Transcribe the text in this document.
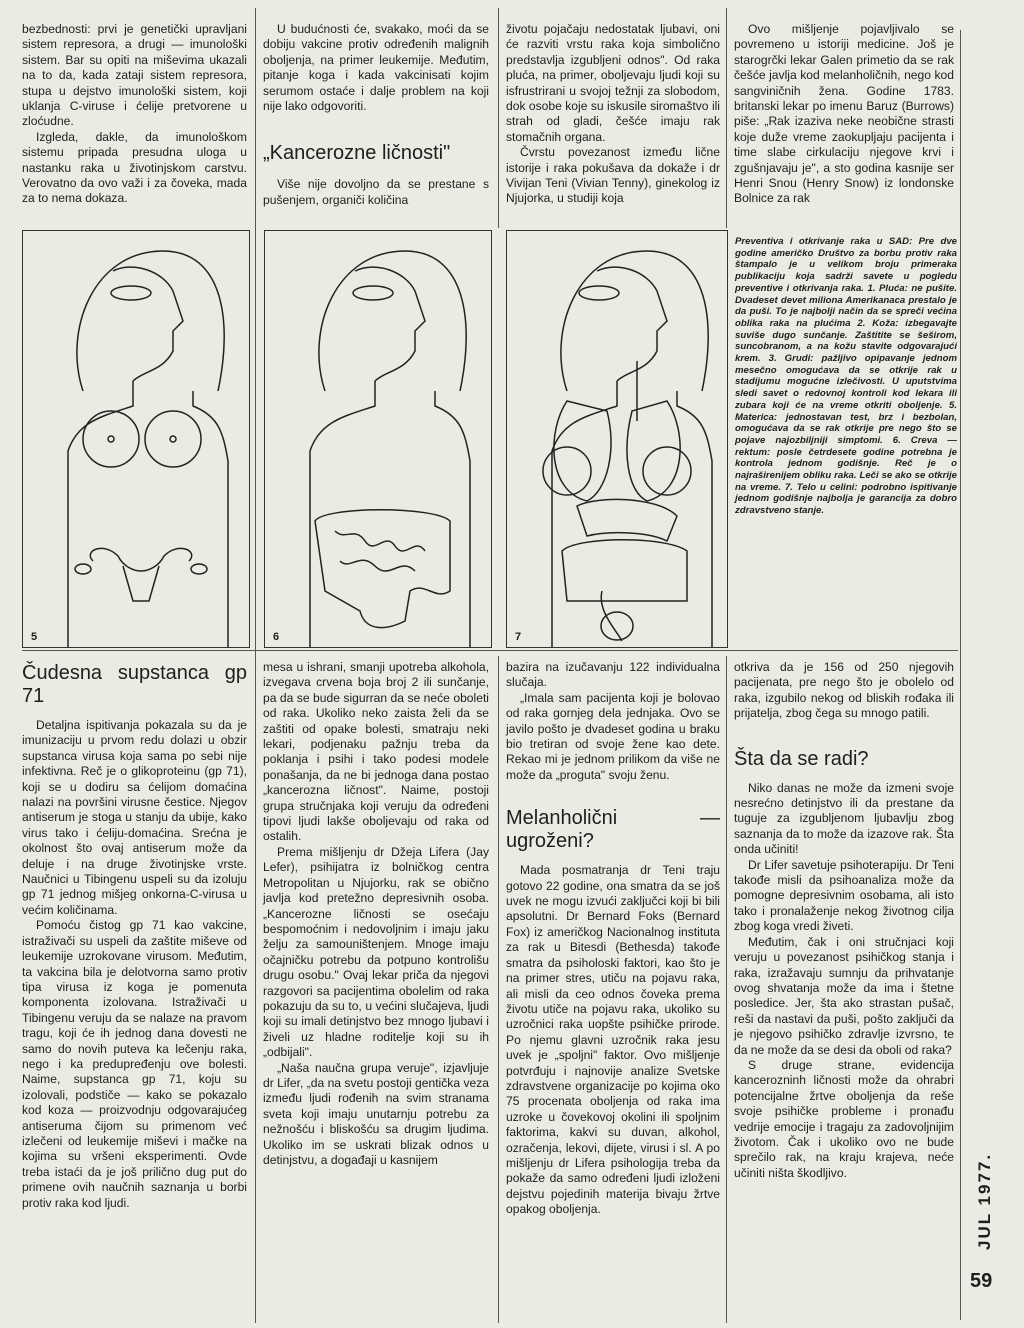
bezbednosti: prvi je genetički upravljani sistem represora, a drugi — imunološki sistem. Bar su opiti na miševima ukazali na to da, kada zataji sistem represora, stupa u dejstvo imunološki sistem, koji uklanja C-viruse i ćelije pretvorene u zloćudne.

Izgleda, dakle, da imunološkom sistemu pripada presudna uloga u nastanku raka u životinjskom carstvu. Verovatno da ovo važi i za čoveka, mada za to nema dokaza.

U budućnosti će, svakako, moći da se dobiju vakcine protiv određenih malignih oboljenja, na primer leukemije. Međutim, pitanje koga i kada vakcinisati kojim serumom ostaće i dalje problem na koji nije lako odgovoriti.

„Kancerozne ličnosti"

Više nije dovoljno da se prestane s pušenjem, organiči količina

životu pojačaju nedostatak ljubavi, oni će razviti vrstu raka koja simbolično predstavlja izgubljeni odnos". Od raka pluća, na primer, oboljevaju ljudi koji su isfrustrirani u svojoj težnji za slobodom, dok osobe koje su iskusile siromaštvo ili strah od gladi, češće imaju rak stomačnih organa.

Čvrstu povezanost između lične istorije i raka pokušava da dokaže i dr Vivijan Teni (Vivian Tenny), ginekolog iz Njujorka, u studiji koja

Ovo mišljenje pojavljivalo se povremeno u istoriji medicine. Još je starogrčki lekar Galen primetio da se rak češće javlja kod melanholičnih, nego kod sangviničnih žena. Godine 1783. britanski lekar po imenu Baruz (Burrows) piše: „Rak izaziva neke neobične strasti koje duže vreme zaokupljaju pacijenta i time slabe cirkulaciju njegove krvi i zgušnjavaju je", a sto godina kasnije ser Henri Snou (Henry Snow) iz londonske Bolnice za rak

5	6	7
Preventiva i otkrivanje raka u SAD: Pre dve godine američko Društvo za borbu protiv raka štampalo je u velikom broju primeraka publikaciju koja sadrži savete u pogledu preventive i otkrivanja raka. 1. Pluća: ne pušite. Dvadeset devet miliona Amerikanaca prestalo je da puši. To je najbolji način da se spreči većina oblika raka na plućima 2. Koža: izbegavajte suviše dugo sunčanje. Zaštitite se šeširom, suncobranom, a na kožu stavite odgovarajući krem. 3. Grudi: pažljivo opipavanje jednom mesečno omogućava da se otkrije rak u stadijumu mogućne izlečivosti. U uputstvima sledi savet o redovnoj kontroli kod lekara ili zubara koji će na vreme otkriti oboljenje. 5. Materica: jednostavan test, brz i bezbolan, omogućava da se rak otkrije pre nego što se pojave najozbiljniji simptomi. 6. Creva — rektum: posle četrdesete godine potrebna je kontrola jednom godišnje. Reč je o najraširenijem obliku raka. Leči se ako se otkrije na vreme. 7. Telo u celini: podrobno ispitivanje jednom godišnje najbolja je garancija za dobro zdravstveno stanje.
Čudesna supstanca gp 71

Detaljna ispitivanja pokazala su da je imunizaciju u prvom redu dolazi u obzir supstanca virusa koja sama po sebi nije infektivna. Reč je o glikoproteinu (gp 71), koji se u dodiru sa ćelijom domaćina nalazi na površini virusne čestice. Njegov antiserum je stoga u stanju da ubije, kako virus tako i ćeliju-domaćina. Srećna je okolnost što ovaj antiserum može da deluje i na druge životinjske vrste. Naučnici u Tibingenu uspeli su da izoluju gp 71 jednog mišjeg onkorna-C-virusa u većim količinama.

Pomoću čistog gp 71 kao vakcine, istraživači su uspeli da zaštite miševe od leukemije uzrokovane virusom. Međutim, ta vakcina bila je delotvorna samo protiv tipa virusa iz koga je pomenuta komponenta izolovana. Istraživači u Tibingenu veruju da se nalaze na pravom tragu, koji će ih jednog dana dovesti ne samo do novih puteva ka lečenju raka, nego i ka predupređenju ove bolesti. Naime, supstanca gp 71, koju su izolovali, podstiče — kako se pokazalo kod koza — proizvodnju odgovarajućeg antiseruma čijom su primenom već izlečeni od leukemije miševi i mačke na kojima su vršeni eksperimenti. Ovde treba istaći da je još prilično dug put do primene ovih naučnih saznanja u borbi protiv raka kod ljudi.

mesa u ishrani, smanji upotreba alkohola, izvegava crvena boja broj 2 ili sunčanje, pa da se bude sigurran da se neće oboleti od raka. Ukoliko neko zaista želi da se zaštiti od opake bolesti, smatraju neki lekari, podjenaku pažnju treba da poklanja i psihi i tako podesi modele ponašanja, da ne bi jednoga dana postao „kancerozna ličnost". Naime, postoji grupa stručnjaka koji veruju da određeni tipovi ljudi lakše oboljevaju od raka od ostalih.

Prema mišljenju dr Džeja Lifera (Jay Lefer), psihijatra iz bolničkog centra Metropolitan u Njujorku, rak se obično javlja kod pretežno depresivnih osoba. „Kancerozne ličnosti se osećaju bespomoćnim i nedovoljnim i imaju jaku želju za samouništenjem. Mnoge imaju očajničku potrebu da potpuno kontrolišu drugu osobu." Ovaj lekar priča da njegovi razgovori sa pacijentima obolelim od raka pokazuju da su to, u većini slučajeva, ljudi koji su imali detinjstvo bez mnogo ljubavi i živeli uz hladne roditelje koji su ih „odbijali".

„Naša naučna grupa veruje", izjavljuje dr Lifer, „da na svetu postoji gentička veza između ljudi rođenih na svim stranama sveta koji imaju unutarnju potrebu za nežnošću i bliskošću sa drugim ljudima. Ukoliko im se uskrati blizak odnos u detinjstvu, a događaji u kasnijem

bazira na izučavanju 122 individualna slučaja.

„Imala sam pacijenta koji je bolovao od raka gornjeg dela jednjaka. Ovo se javilo pošto je dvadeset godina u braku bio tretiran od svoje žene kao dete. Rekao mi je jednom prilikom da više ne može da „proguta" svoju ženu.

Melanholični — ugroženi?

Mada posmatranja dr Teni traju gotovo 22 godine, ona smatra da se još uvek ne mogu izvući zaključci koji bi bili apsolutni. Dr Bernard Foks (Bernard Fox) iz američkog Nacionalnog instituta za rak u Bitesdi (Bethesda) takođe smatra da psiholoski faktori, kao što je na primer stres, utiču na pojavu raka, ali misli da ceo odnos čoveka prema životu utiče na pojavu raka, ukoliko su uzročnici raka uopšte psihičke prirode. Po njemu glavni uzročnik raka jesu uvek je „spoljni" faktor. Ovo mišljenje potvrđuju i najnovije analize Svetske zdravstvene organizacije po kojima oko 75 procenata oboljenja od raka ima uzroke u čovekovoj okolini ili spoljnim faktorima, kakvi su duvan, alkohol, ozračenja, lekovi, dijete, virusi i sl. A po mišljenju dr Lifera psihologija treba da pokaže da samo određeni ljudi izloženi dejstvu pojedinih materija bivaju žrtve opakog oboljenja.

otkriva da je 156 od 250 njegovih pacijenata, pre nego što je obolelo od raka, izgubilo nekog od bliskih rođaka ili prijatelja, zbog čega su mnogo patili.

Šta da se radi?

Niko danas ne može da izmeni svoje nesrećno detinjstvo ili da prestane da tuguje za izgubljenom ljubavlju zbog saznanja da to može da izazove rak. Šta onda učiniti!

Dr Lifer savetuje psihoterapiju. Dr Teni takođe misli da psihoanaliza može da pomogne depresivnim osobama, ali isto tako i pronalaženje nekog životnog cilja zbog koga vredi živeti.

Međutim, čak i oni stručnjaci koji veruju u povezanost psihičkog stanja i raka, izražavaju sumnju da prihvatanje ovog shvatanja može da ima i štetne posledice. Jer, šta ako strastan pušač, reši da nastavi da puši, pošto zaključi da je njegovo psihičko zdravlje izvrsno, te da ne može da se desi da oboli od raka?

S druge strane, evidencija kancerozninh ličnosti može da ohrabri potencijalne žrtve oboljenja da reše svoje psihičke probleme i pronađu vedrije emocije i tragaju za zadovoljnijim životom. Čak i ukoliko ovo ne bude sprečilo rak, na kraju krajeva, neće učiniti ništa škodljivo.	JUL 1977.
59
